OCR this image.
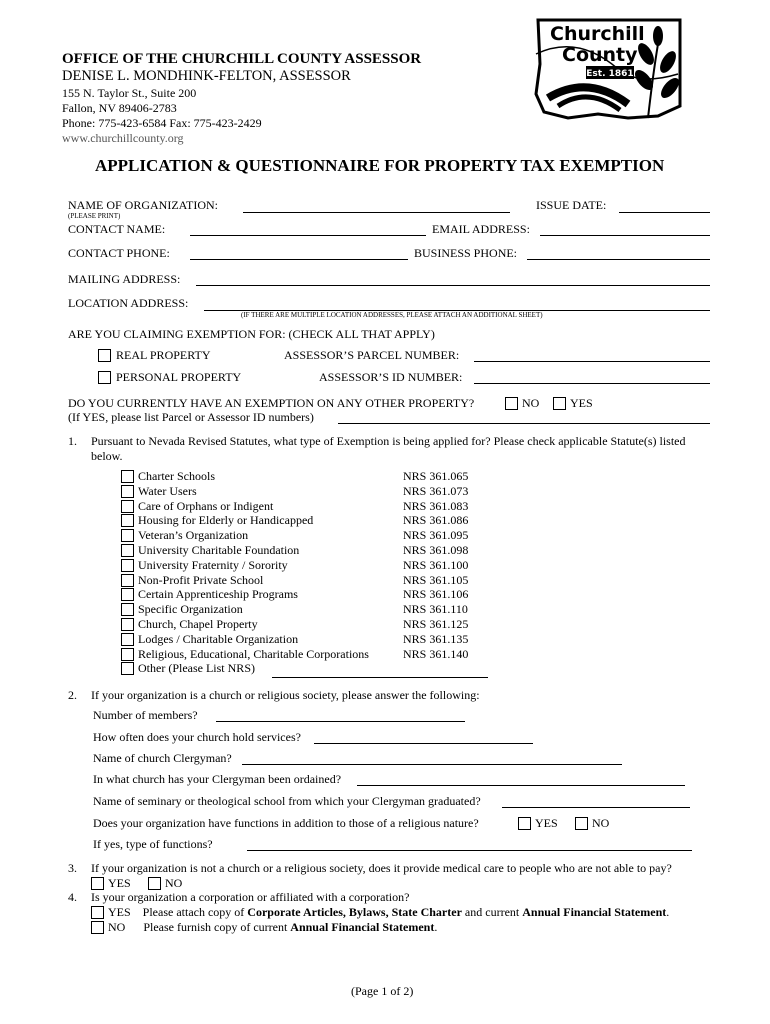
OFFICE OF THE CHURCHILL COUNTY ASSESSOR
DENISE L. MONDHINK-FELTON, ASSESSOR
155 N. Taylor St., Suite 200
Fallon, NV 89406-2783
Phone: 775-423-6584 Fax: 775-423-2429
www.churchillcounty.org
Churchill
County
Est. 1861
APPLICATION & QUESTIONNAIRE FOR PROPERTY TAX EXEMPTION
NAME OF ORGANIZATION:	ISSUE DATE:
(PLEASE PRINT)
CONTACT NAME:	EMAIL ADDRESS:
CONTACT PHONE:	BUSINESS PHONE:
MAILING ADDRESS:
LOCATION ADDRESS:
(IF THERE ARE MULTIPLE LOCATION ADDRESSES, PLEASE ATTACH AN ADDITIONAL SHEET)
ARE YOU CLAIMING EXEMPTION FOR: (CHECK ALL THAT APPLY)
REAL PROPERTY	ASSESSOR’S PARCEL NUMBER:
PERSONAL PROPERTY	ASSESSOR’S ID NUMBER:
DO YOU CURRENTLY HAVE AN EXEMPTION ON ANY OTHER PROPERTY?	NO	YES
(If YES, please list Parcel or Assessor ID numbers)
1. Pursuant to Nevada Revised Statutes, what type of Exemption is being applied for? Please check applicable Statute(s) listed
below.
Charter Schools	NRS 361.065
Water Users	NRS 361.073
Care of Orphans or Indigent	NRS 361.083
Housing for Elderly or Handicapped	NRS 361.086
Veteran’s Organization	NRS 361.095
University Charitable Foundation	NRS 361.098
University Fraternity / Sorority	NRS 361.100
Non-Profit Private School	NRS 361.105
Certain Apprenticeship Programs	NRS 361.106
Specific Organization	NRS 361.110
Church, Chapel Property	NRS 361.125
Lodges / Charitable Organization	NRS 361.135
Religious, Educational, Charitable Corporations	NRS 361.140
Other (Please List NRS)
2. If your organization is a church or religious society, please answer the following:
Number of members?
How often does your church hold services?
Name of church Clergyman?
In what church has your Clergyman been ordained?
Name of seminary or theological school from which your Clergyman graduated?
Does your organization have functions in addition to those of a religious nature?	YES	NO
If yes, type of functions?
3. If your organization is not a church or a religious society, does it provide medical care to people who are not able to pay?
YES	NO
4. Is your organization a corporation or affiliated with a corporation?
YES Please attach copy of Corporate Articles, Bylaws, State Charter and current Annual Financial Statement.
NO Please furnish copy of current Annual Financial Statement.
(Page 1 of 2)
